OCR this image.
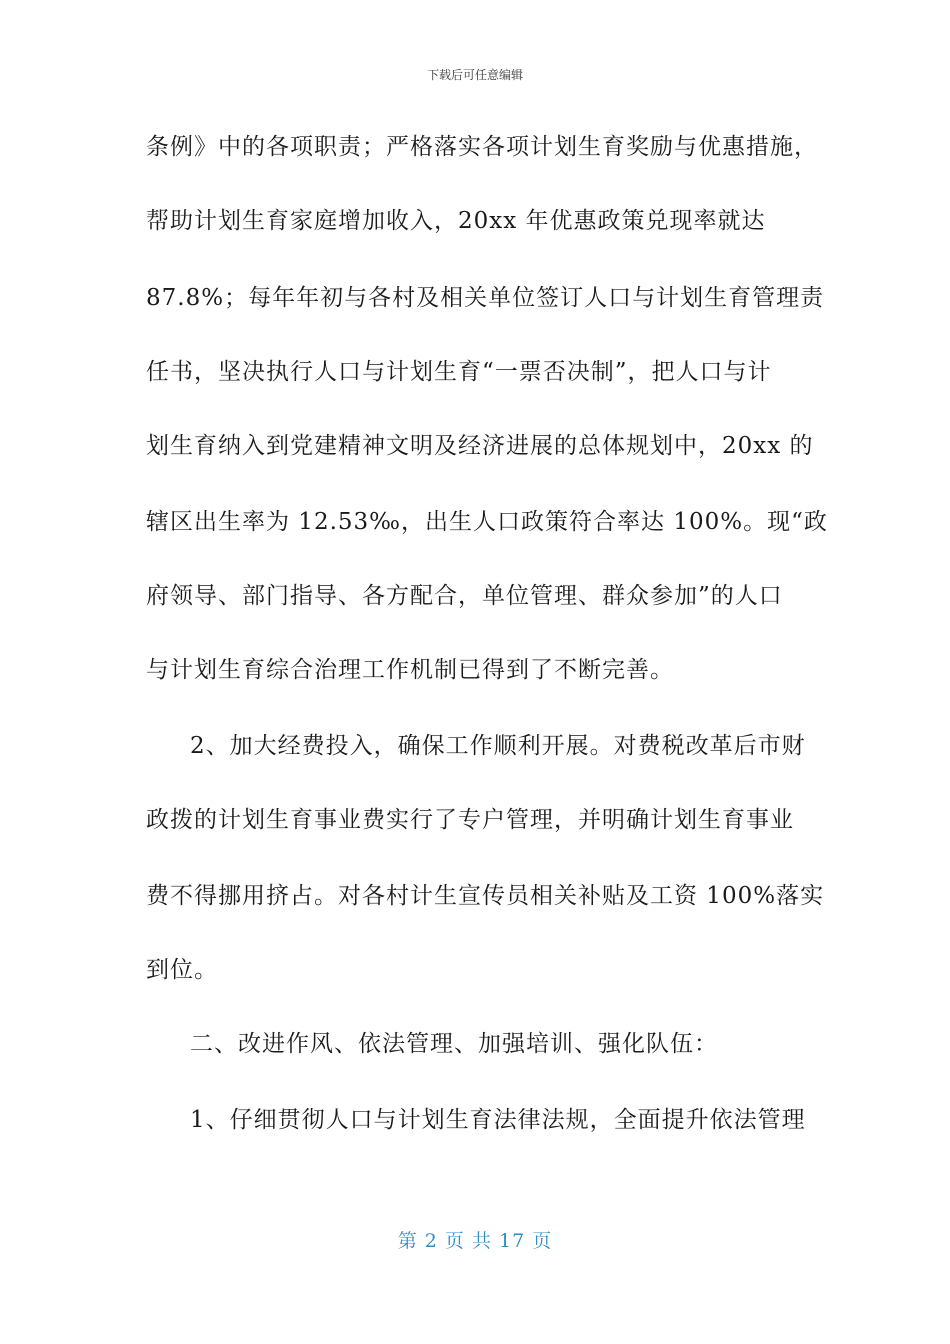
下载后可任意编辑
条例》中的各项职责；严格落实各项计划生育奖励与优惠措施，
帮助计划生育家庭增加收入，20xx 年优惠政策兑现率就达
87.8%；每年年初与各村及相关单位签订人口与计划生育管理责
任书，坚决执行人口与计划生育“一票否决制”，把人口与计
划生育纳入到党建精神文明及经济进展的总体规划中，20xx 的
辖区出生率为 12.53‰，出生人口政策符合率达 100%。现“政
府领导、部门指导、各方配合，单位管理、群众参加”的人口
与计划生育综合治理工作机制已得到了不断完善。
2、加大经费投入，确保工作顺利开展。对费税改革后市财
政拨的计划生育事业费实行了专户管理，并明确计划生育事业
费不得挪用挤占。对各村计生宣传员相关补贴及工资 100%落实
到位。
二、改进作风、依法管理、加强培训、强化队伍：
1、仔细贯彻人口与计划生育法律法规，全面提升依法管理
第 2 页 共 17 页
